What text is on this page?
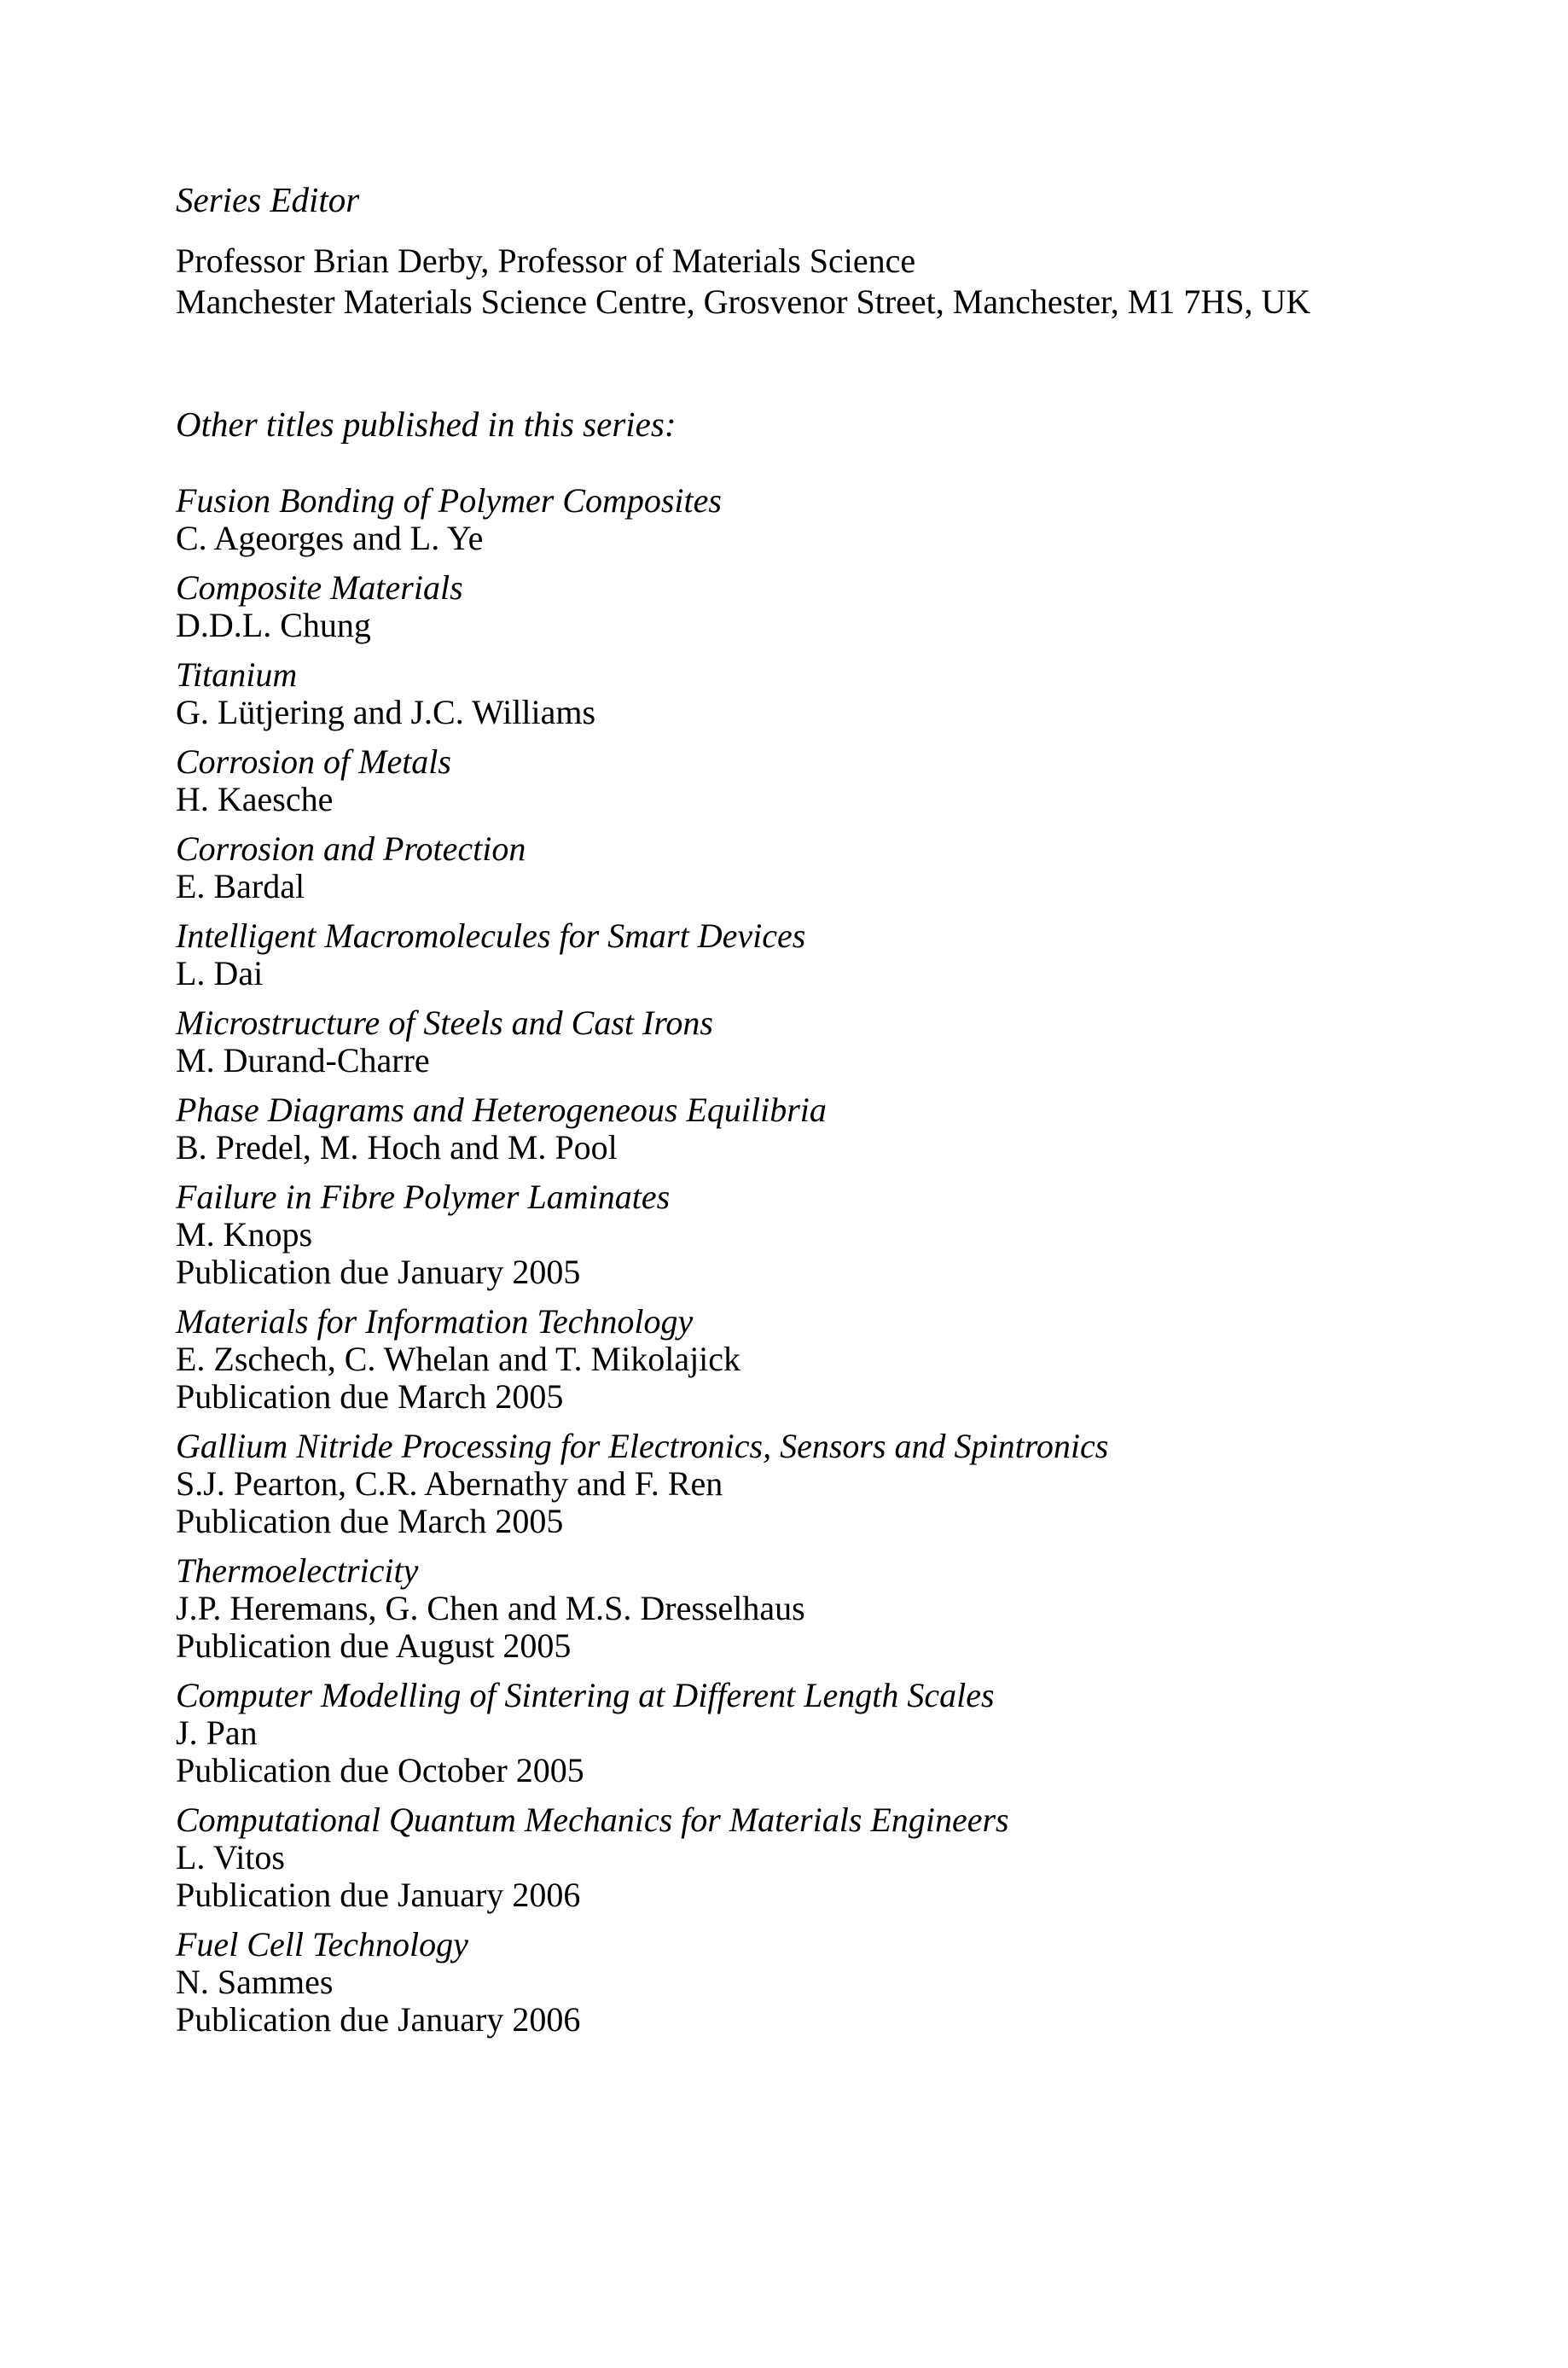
Series Editor

Professor Brian Derby, Professor of Materials Science

Manchester Materials Science Centre, Grosvenor Street, Manchester, M1 7HS, UK

Other titles published in this series:

Fusion Bonding of Polymer Composites

C. Ageorges and L. Ye

Composite Materials

D.D.L. Chung

Titanium

G. Lütjering and J.C. Williams

Corrosion of Metals

H. Kaesche

Corrosion and Protection

E. Bardal

Intelligent Macromolecules for Smart Devices

L. Dai

Microstructure of Steels and Cast Irons

M. Durand-Charre

Phase Diagrams and Heterogeneous Equilibria

B. Predel, M. Hoch and M. Pool

Failure in Fibre Polymer Laminates

M. Knops

Publication due January 2005

Materials for Information Technology

E. Zschech, C. Whelan and T. Mikolajick

Publication due March 2005

Gallium Nitride Processing for Electronics, Sensors and Spintronics

S.J. Pearton, C.R. Abernathy and F. Ren

Publication due March 2005

Thermoelectricity

J.P. Heremans, G. Chen and M.S. Dresselhaus

Publication due August 2005

Computer Modelling of Sintering at Different Length Scales

J. Pan

Publication due October 2005

Computational Quantum Mechanics for Materials Engineers

L. Vitos

Publication due January 2006

Fuel Cell Technology

N. Sammes

Publication due January 2006
